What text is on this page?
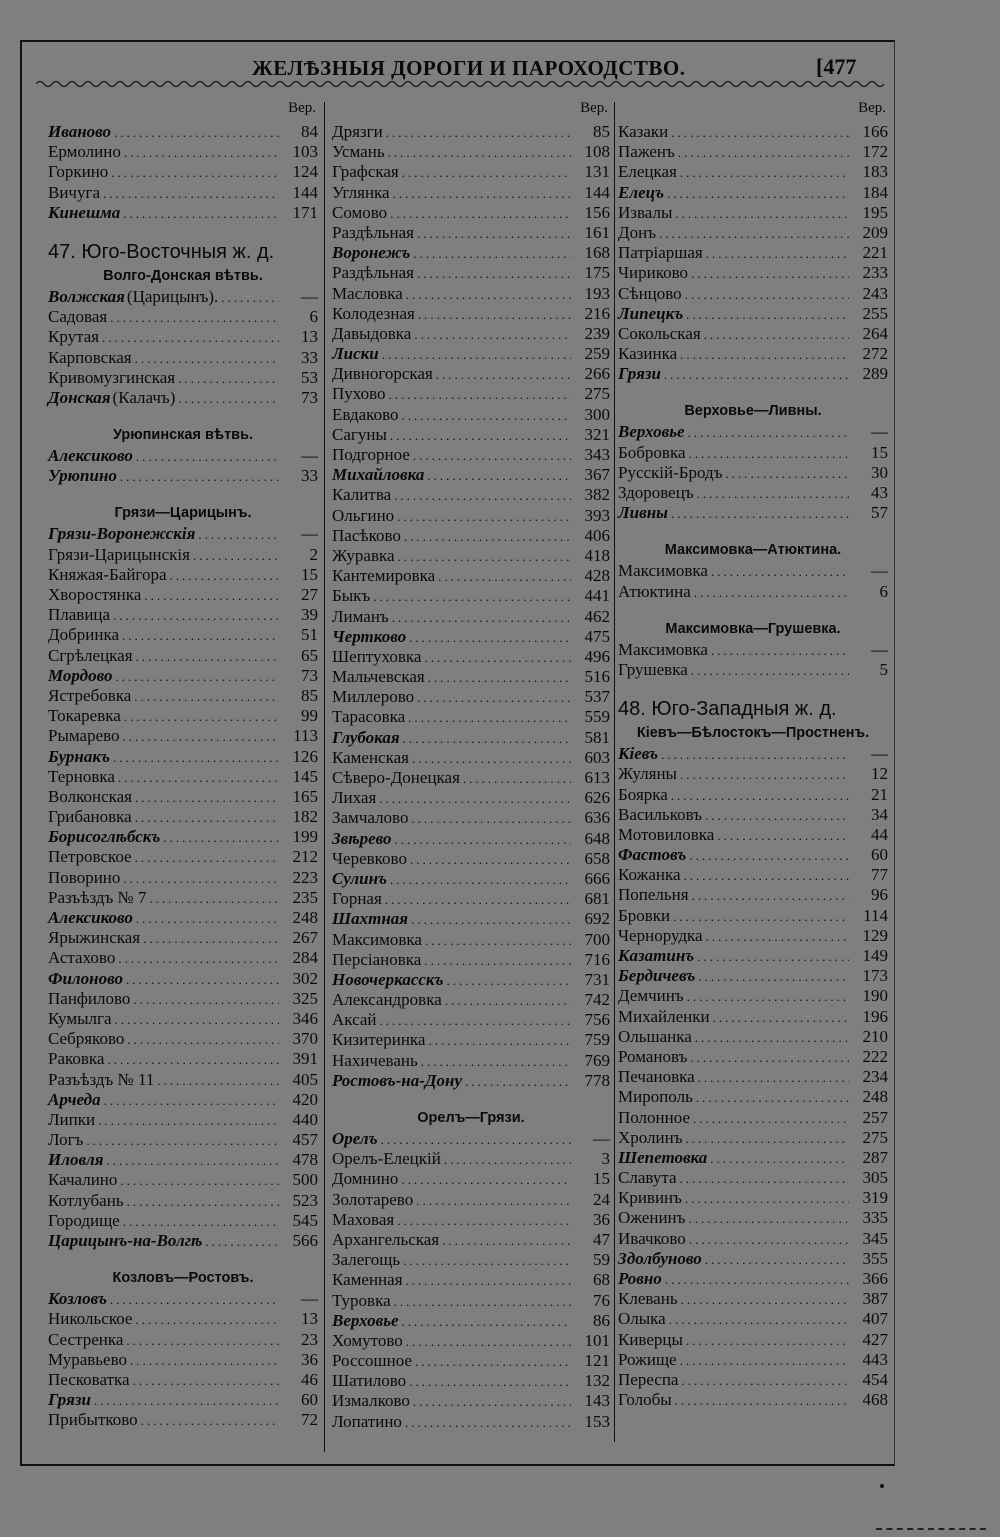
ЖЕЛѢЗНЫЯ ДОРОГИ И ПАРОХОДСТВО.	[477
Вер.
Иваново .....	84
Ермолино .....	103
Горкино .....	124
Вичуга .....	144
Кинешма .....	171
47. Юго-Восточныя ж. д.
Волго-Донская вѣтвь.
Волжская (Царицынъ). .....	—
Садовая .....	6
Крутая .....	13
Карповская .....	33
Кривомузгинская .....	53
Донская (Калачъ) .....	73
Урюпинская вѣтвь.
Алексиково .....	—
Урюпино .....	33
Грязи—Царицынъ.
Грязи-Воронежскія .....	—
Грязи-Царицынскія .....	2
Княжая-Байгора .....	15
Хворостянка .....	27
Плавица .....	39
Добринка .....	51
Сгрѣлецкая .....	65
Мордово .....	73
Ястребовка .....	85
Токаревка .....	99
Рымарево .....	113
Бурнакъ .....	126
Терновка .....	145
Волконская .....	165
Грибановка .....	182
Борисоглѣбскъ .....	199
Петровское .....	212
Поворино .....	223
Разъѣздъ № 7 .....	235
Алексиково .....	248
Ярыжинская .....	267
Астахово .....	284
Филоново .....	302
Панфилово .....	325
Кумылга .....	346
Себряково .....	370
Раковка .....	391
Разъѣздъ № 11 .....	405
Арчеда .....	420
Липки .....	440
Логъ .....	457
Иловля .....	478
Качалино .....	500
Котлубань .....	523
Городище .....	545
Царицынъ-на-Волгѣ .....	566
Козловъ—Ростовъ.
Козловъ .....	—
Никольское .....	13
Сестренка .....	23
Муравьево .....	36
Песковатка .....	46
Грязи .....	60
Прибытково .....	72
Вер.
Дрязги .....	85
Усмань .....	108
Графская .....	131
Углянка .....	144
Сомово .....	156
Раздѣльная .....	161
Воронежъ .....	168
Раздѣльная .....	175
Масловка .....	193
Колодезная .....	216
Давыдовка .....	239
Лиски .....	259
Дивногорская .....	266
Пухово .....	275
Евдаково .....	300
Сагуны .....	321
Подгорное .....	343
Михайловка .....	367
Калитва .....	382
Ольгино .....	393
Пасѣково .....	406
Журавка .....	418
Кантемировка .....	428
Быкъ .....	441
Лиманъ .....	462
Чертково .....	475
Шептуховка .....	496
Мальчевская .....	516
Миллерово .....	537
Тарасовка .....	559
Глубокая .....	581
Каменская .....	603
Сѣверо-Донецкая .....	613
Лихая .....	626
Замчалово .....	636
Звѣрево .....	648
Черевково .....	658
Сулинъ .....	666
Горная .....	681
Шахтная .....	692
Максимовка .....	700
Персіановка .....	716
Новочеркасскъ .....	731
Александровка .....	742
Аксай .....	756
Кизитеринка .....	759
Нахичевань .....	769
Ростовъ-на-Дону .....	778
Орелъ—Грязи.
Орелъ .....	—
Орелъ-Елецкій .....	3
Домнино .....	15
Золотарево .....	24
Маховая .....	36
Архангельская .....	47
Залегощь .....	59
Каменная .....	68
Туровка .....	76
Верховье .....	86
Хомутово .....	101
Россошное .....	121
Шатилово .....	132
Измалково .....	143
Лопатино .....	153
Вер.
Казаки .....	166
Паженъ .....	172
Елецкая .....	183
Елецъ .....	184
Извалы .....	195
Донъ .....	209
Патріаршая .....	221
Чириково .....	233
Сѣнцово .....	243
Липецкъ .....	255
Сокольская .....	264
Казинка .....	272
Грязи .....	289
Верховье—Ливны.
Верховье .....	—
Бобровка .....	15
Русскій-Бродъ .....	30
Здоровецъ .....	43
Ливны .....	57
Максимовка—Атюктина.
Максимовка .....	—
Атюктина .....	6
Максимовка—Грушевка.
Максимовка .....	—
Грушевка .....	5
48. Юго-Западныя ж. д.
Кіевъ—Бѣлостокъ—Простненъ.
Кіевъ .....	—
Жуляны .....	12
Боярка .....	21
Васильковъ .....	34
Мотовиловка .....	44
Фастовъ .....	60
Кожанка .....	77
Попельня .....	96
Бровки .....	114
Чернорудка .....	129
Казатинъ .....	149
Бердичевъ .....	173
Демчинъ .....	190
Михайленки .....	196
Ольшанка .....	210
Романовъ .....	222
Печановка .....	234
Мирополь .....	248
Полонное .....	257
Хролинъ .....	275
Шепетовка .....	287
Славута .....	305
Кривинъ .....	319
Оженинъ .....	335
Ивачково .....	345
Здолбуново .....	355
Ровно .....	366
Клевань .....	387
Олыка .....	407
Киверцы .....	427
Рожище .....	443
Переспа .....	454
Голобы .....	468
